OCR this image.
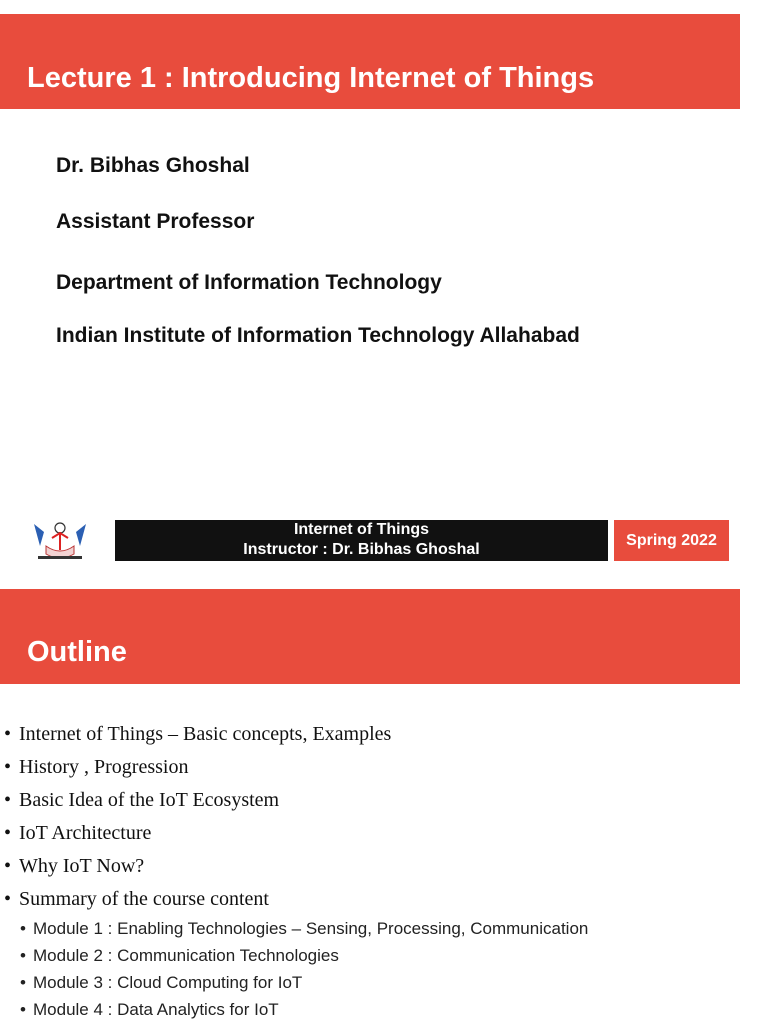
Lecture 1 : Introducing Internet of Things
Dr. Bibhas Ghoshal
Assistant Professor
Department of Information Technology
Indian Institute of Information Technology Allahabad
Internet of Things
Instructor : Dr. Bibhas Ghoshal
Spring 2022
Outline
• Internet of Things – Basic concepts, Examples
• History , Progression
• Basic Idea of the IoT Ecosystem
• IoT Architecture
• Why IoT Now?
• Summary of the course content
• Module 1 : Enabling Technologies – Sensing, Processing, Communication
• Module 2 : Communication Technologies
• Module 3 : Cloud Computing for IoT
• Module 4 : Data Analytics for IoT
